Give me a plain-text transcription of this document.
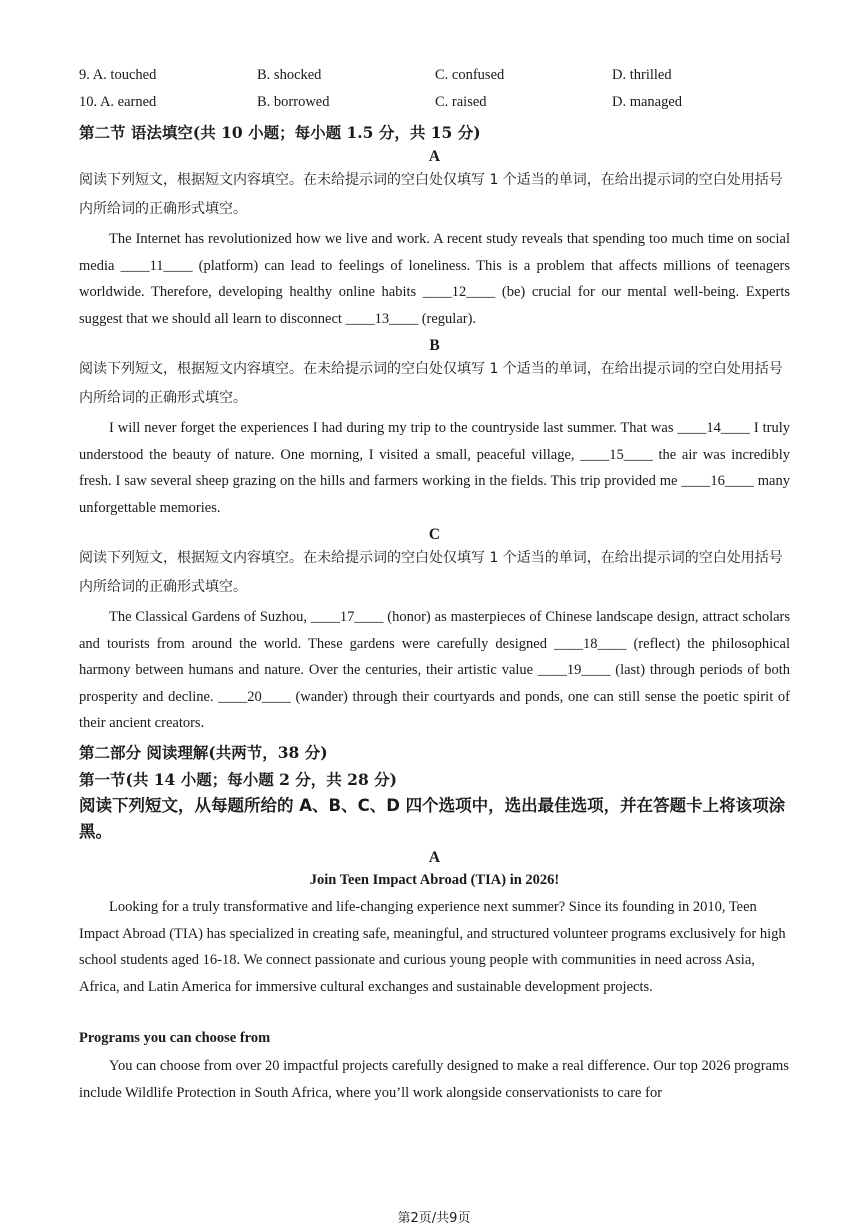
9. A. touched	B. shocked	C. confused	D. thrilled
10. A. earned	B. borrowed	C. raised	D. managed
第二节 语法填空(共 10 小题；每小题 1.5 分，共 15 分)
A
阅读下列短文，根据短文内容填空。在未给提示词的空白处仅填写 1 个适当的单词，在给出提示词的空白处用括号内所给词的正确形式填空。
The Internet has revolutionized how we live and work. A recent study reveals that spending too much time on social media ____11____ (platform) can lead to feelings of loneliness. This is a problem that affects millions of teenagers worldwide. Therefore, developing healthy online habits ____12____ (be) crucial for our mental well-being. Experts suggest that we should all learn to disconnect ____13____ (regular).
B
阅读下列短文，根据短文内容填空。在未给提示词的空白处仅填写 1 个适当的单词，在给出提示词的空白处用括号内所给词的正确形式填空。
I will never forget the experiences I had during my trip to the countryside last summer. That was ____14____ I truly understood the beauty of nature. One morning, I visited a small, peaceful village, ____15____ the air was incredibly fresh. I saw several sheep grazing on the hills and farmers working in the fields. This trip provided me ____16____ many unforgettable memories.
C
阅读下列短文，根据短文内容填空。在未给提示词的空白处仅填写 1 个适当的单词，在给出提示词的空白处用括号内所给词的正确形式填空。
The Classical Gardens of Suzhou, ____17____ (honor) as masterpieces of Chinese landscape design, attract scholars and tourists from around the world. These gardens were carefully designed ____18____ (reflect) the philosophical harmony between humans and nature. Over the centuries, their artistic value ____19____ (last) through periods of both prosperity and decline. ____20____ (wander) through their courtyards and ponds, one can still sense the poetic spirit of their ancient creators.
第二部分 阅读理解(共两节，38 分)
第一节(共 14 小题；每小题 2 分，共 28 分)
阅读下列短文，从每题所给的 A、B、C、D 四个选项中，选出最佳选项，并在答题卡上将该项涂黑。
A
Join Teen Impact Abroad (TIA) in 2026!
Looking for a truly transformative and life-changing experience next summer? Since its founding in 2010, Teen Impact Abroad (TIA) has specialized in creating safe, meaningful, and structured volunteer programs exclusively for high school students aged 16-18. We connect passionate and curious young people with communities in need across Asia, Africa, and Latin America for immersive cultural exchanges and sustainable development projects.
Programs you can choose from
You can choose from over 20 impactful projects carefully designed to make a real difference. Our top 2026 programs include Wildlife Protection in South Africa, where you’ll work alongside conservationists to care for
第2页/共9页
